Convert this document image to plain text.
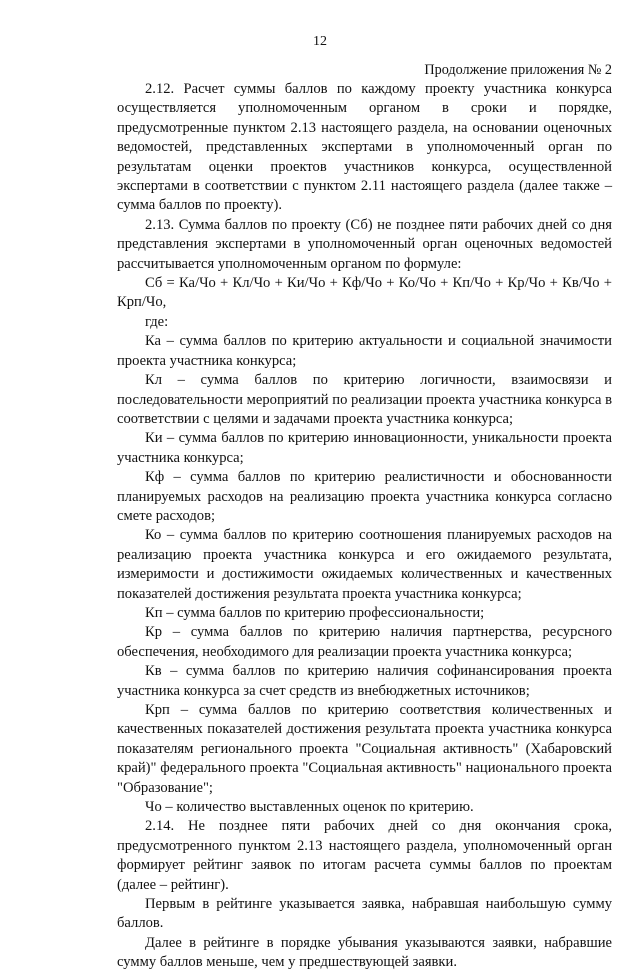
12
Продолжение приложения № 2

2.12. Расчет суммы баллов по каждому проекту участника конкурса осуществляется уполномоченным органом в сроки и порядке, предусмотренные пунктом 2.13 настоящего раздела, на основании оценочных ведомостей, представленных экспертами в уполномоченный орган по результатам оценки проектов участников конкурса, осуществленной экспертами в соответствии с пунктом 2.11 настоящего раздела (далее также – сумма баллов по проекту).

2.13. Сумма баллов по проекту (Сб) не позднее пяти рабочих дней со дня представления экспертами в уполномоченный орган оценочных ведомостей рассчитывается уполномоченным органом по формуле:

Сб = Ка/Чо + Кл/Чо + Ки/Чо + Кф/Чо + Ко/Чо + Кп/Чо + Кр/Чо + Кв/Чо + Крп/Чо,

где:

Ка – сумма баллов по критерию актуальности и социальной значимости проекта участника конкурса;

Кл – сумма баллов по критерию логичности, взаимосвязи и последовательности мероприятий по реализации проекта участника конкурса в соответствии с целями и задачами проекта участника конкурса;

Ки – сумма баллов по критерию инновационности, уникальности проекта участника конкурса;

Кф – сумма баллов по критерию реалистичности и обоснованности планируемых расходов на реализацию проекта участника конкурса согласно смете расходов;

Ко – сумма баллов по критерию соотношения планируемых расходов на реализацию проекта участника конкурса и его ожидаемого результата, измеримости и достижимости ожидаемых количественных и качественных показателей достижения результата проекта участника конкурса;

Кп – сумма баллов по критерию профессиональности;

Кр – сумма баллов по критерию наличия партнерства, ресурсного обеспечения, необходимого для реализации проекта участника конкурса;

Кв – сумма баллов по критерию наличия софинансирования проекта участника конкурса за счет средств из внебюджетных источников;

Крп – сумма баллов по критерию соответствия количественных и качественных показателей достижения результата проекта участника конкурса показателям регионального проекта "Социальная активность" (Хабаровский край)" федерального проекта "Социальная активность" национального проекта "Образование";

Чо – количество выставленных оценок по критерию.

2.14. Не позднее пяти рабочих дней со дня окончания срока, предусмотренного пунктом 2.13 настоящего раздела, уполномоченный орган формирует рейтинг заявок по итогам расчета суммы баллов по проектам (далее – рейтинг).

Первым в рейтинге указывается заявка, набравшая наибольшую сумму баллов.

Далее в рейтинге в порядке убывания указываются заявки, набравшие сумму баллов меньше, чем у предшествующей заявки.
